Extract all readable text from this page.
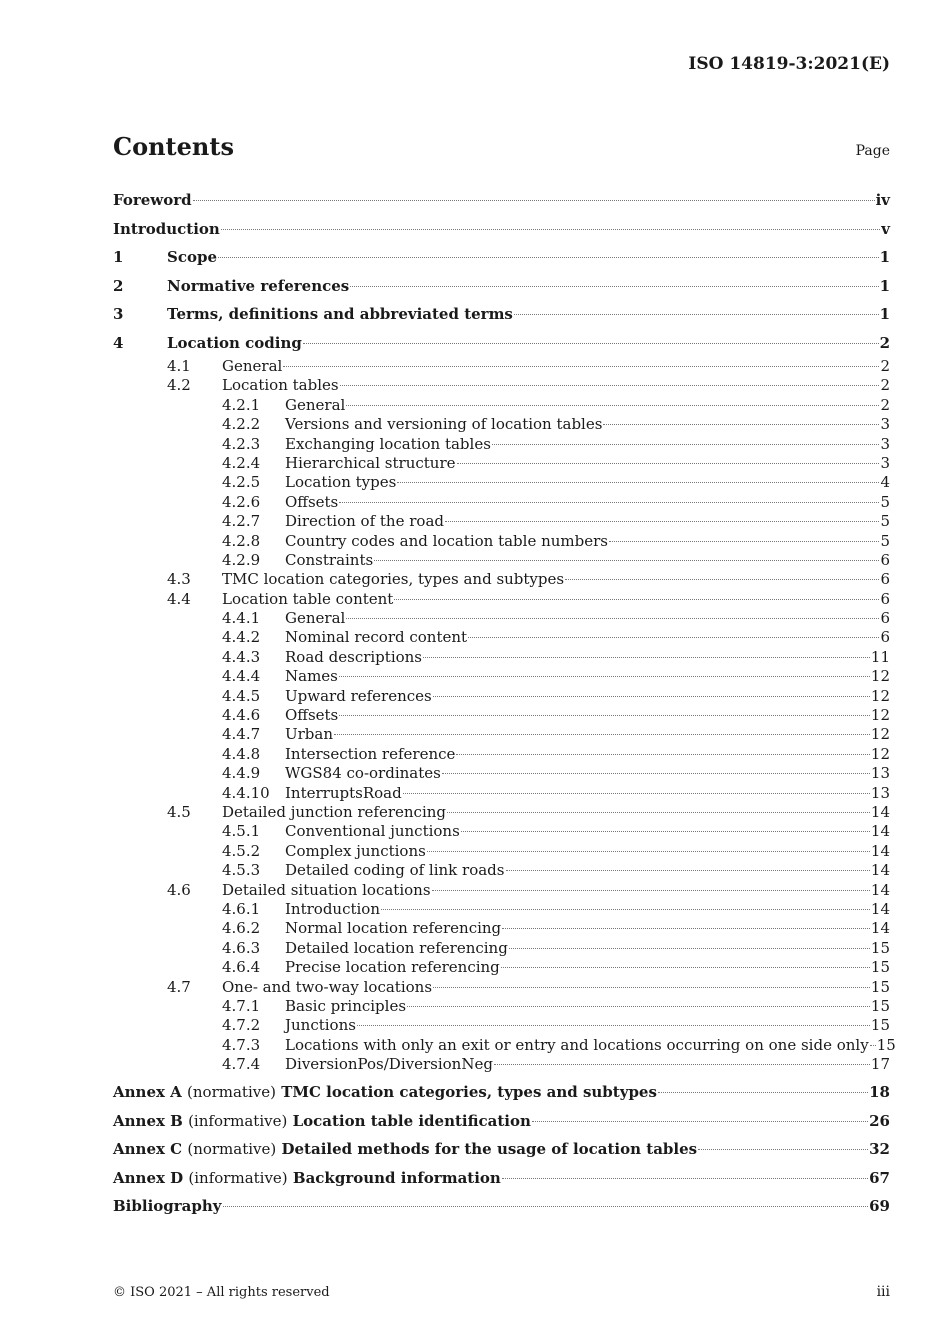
ISO 14819-3:2021(E)
Contents	Page
Foreword	iv
Introduction	v
1	Scope	1
2	Normative references	1
3	Terms, definitions and abbreviated terms	1
4	Location coding	2
4.1	General	2
4.2	Location tables	2
4.2.1	General	2
4.2.2	Versions and versioning of location tables	3
4.2.3	Exchanging location tables	3
4.2.4	Hierarchical structure	3
4.2.5	Location types	4
4.2.6	Offsets	5
4.2.7	Direction of the road	5
4.2.8	Country codes and location table numbers	5
4.2.9	Constraints	6
4.3	TMC location categories, types and subtypes	6
4.4	Location table content	6
4.4.1	General	6
4.4.2	Nominal record content	6
4.4.3	Road descriptions	11
4.4.4	Names	12
4.4.5	Upward references	12
4.4.6	Offsets	12
4.4.7	Urban	12
4.4.8	Intersection reference	12
4.4.9	WGS84 co-ordinates	13
4.4.10	InterruptsRoad	13
4.5	Detailed junction referencing	14
4.5.1	Conventional junctions	14
4.5.2	Complex junctions	14
4.5.3	Detailed coding of link roads	14
4.6	Detailed situation locations	14
4.6.1	Introduction	14
4.6.2	Normal location referencing	14
4.6.3	Detailed location referencing	15
4.6.4	Precise location referencing	15
4.7	One- and two-way locations	15
4.7.1	Basic principles	15
4.7.2	Junctions	15
4.7.3	Locations with only an exit or entry and locations occurring on one side only 15
4.7.4	DiversionPos/DiversionNeg	17
Annex A (normative) TMC location categories, types and subtypes	18
Annex B (informative) Location table identification	26
Annex C (normative) Detailed methods for the usage of location tables	32
Annex D (informative) Background information	67
Bibliography	69
© ISO 2021 – All rights reserved	iii
